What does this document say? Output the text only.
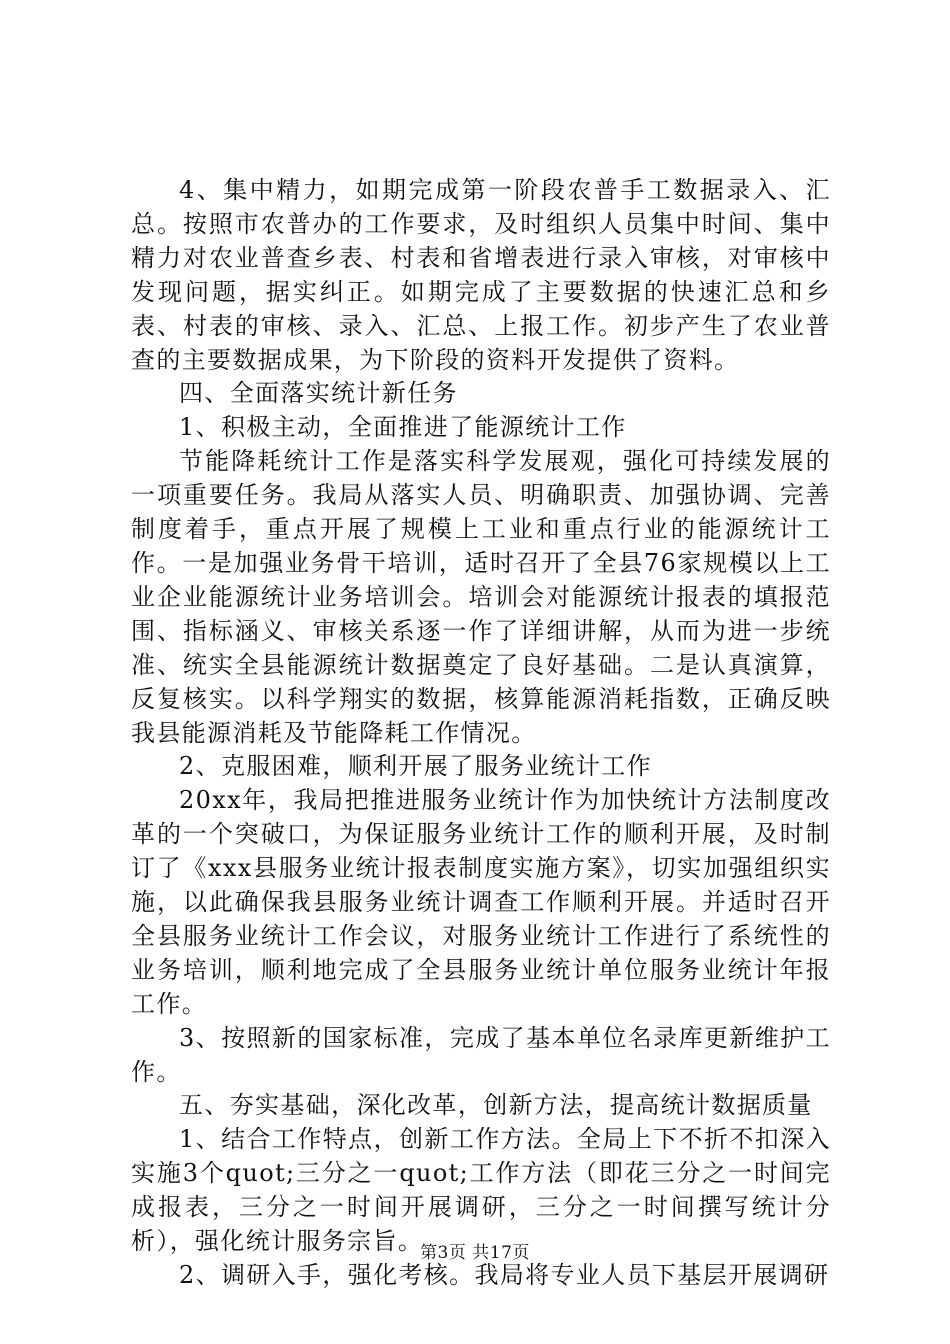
4、集中精力，如期完成第一阶段农普手工数据录入、汇总。按照市农普办的工作要求，及时组织人员集中时间、集中精力对农业普查乡表、村表和省增表进行录入审核，对审核中发现问题，据实纠正。如期完成了主要数据的快速汇总和乡表、村表的审核、录入、汇总、上报工作。初步产生了农业普查的主要数据成果，为下阶段的资料开发提供了资料。

四、全面落实统计新任务

1、积极主动，全面推进了能源统计工作

节能降耗统计工作是落实科学发展观，强化可持续发展的一项重要任务。我局从落实人员、明确职责、加强协调、完善制度着手，重点开展了规模上工业和重点行业的能源统计工作。一是加强业务骨干培训，适时召开了全县76家规模以上工业企业能源统计业务培训会。培训会对能源统计报表的填报范围、指标涵义、审核关系逐一作了详细讲解，从而为进一步统准、统实全县能源统计数据奠定了良好基础。二是认真演算，反复核实。以科学翔实的数据，核算能源消耗指数，正确反映我县能源消耗及节能降耗工作情况。

2、克服困难，顺利开展了服务业统计工作

20xx年，我局把推进服务业统计作为加快统计方法制度改革的一个突破口，为保证服务业统计工作的顺利开展，及时制订了《xxx县服务业统计报表制度实施方案》，切实加强组织实施，以此确保我县服务业统计调查工作顺利开展。并适时召开全县服务业统计工作会议，对服务业统计工作进行了系统性的业务培训，顺利地完成了全县服务业统计单位服务业统计年报工作。

3、按照新的国家标准，完成了基本单位名录库更新维护工作。

五、夯实基础，深化改革，创新方法，提高统计数据质量

1、结合工作特点，创新工作方法。全局上下不折不扣深入实施3个quot;三分之一quot;工作方法（即花三分之一时间完成报表，三分之一时间开展调研，三分之一时间撰写统计分析），强化统计服务宗旨。

2、调研入手，强化考核。我局将专业人员下基层开展调研

第3页 共17页
